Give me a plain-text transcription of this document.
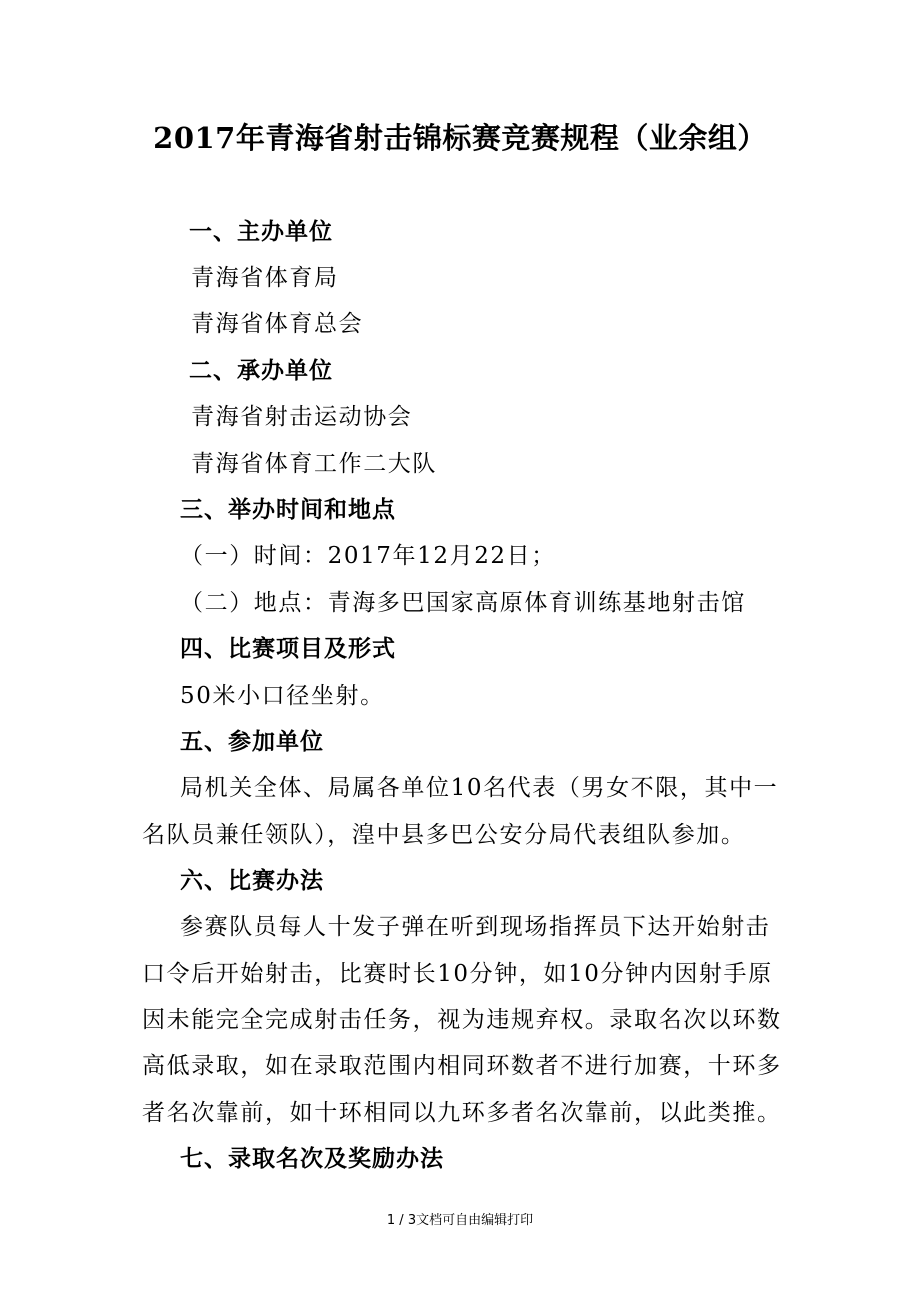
2017年青海省射击锦标赛竞赛规程（业余组）
一、主办单位
青海省体育局
青海省体育总会
二、承办单位
青海省射击运动协会
青海省体育工作二大队
三、举办时间和地点
（一）时间：2017年12月22日；
（二）地点：青海多巴国家高原体育训练基地射击馆
四、比赛项目及形式
50米小口径坐射。
五、参加单位
局机关全体、局属各单位10名代表（男女不限，其中一
名队员兼任领队），湟中县多巴公安分局代表组队参加。
六、比赛办法
参赛队员每人十发子弹在听到现场指挥员下达开始射击
口令后开始射击，比赛时长10分钟，如10分钟内因射手原
因未能完全完成射击任务，视为违规弃权。录取名次以环数
高低录取，如在录取范围内相同环数者不进行加赛，十环多
者名次靠前，如十环相同以九环多者名次靠前，以此类推。
七、录取名次及奖励办法
1 / 3文档可自由编辑打印
